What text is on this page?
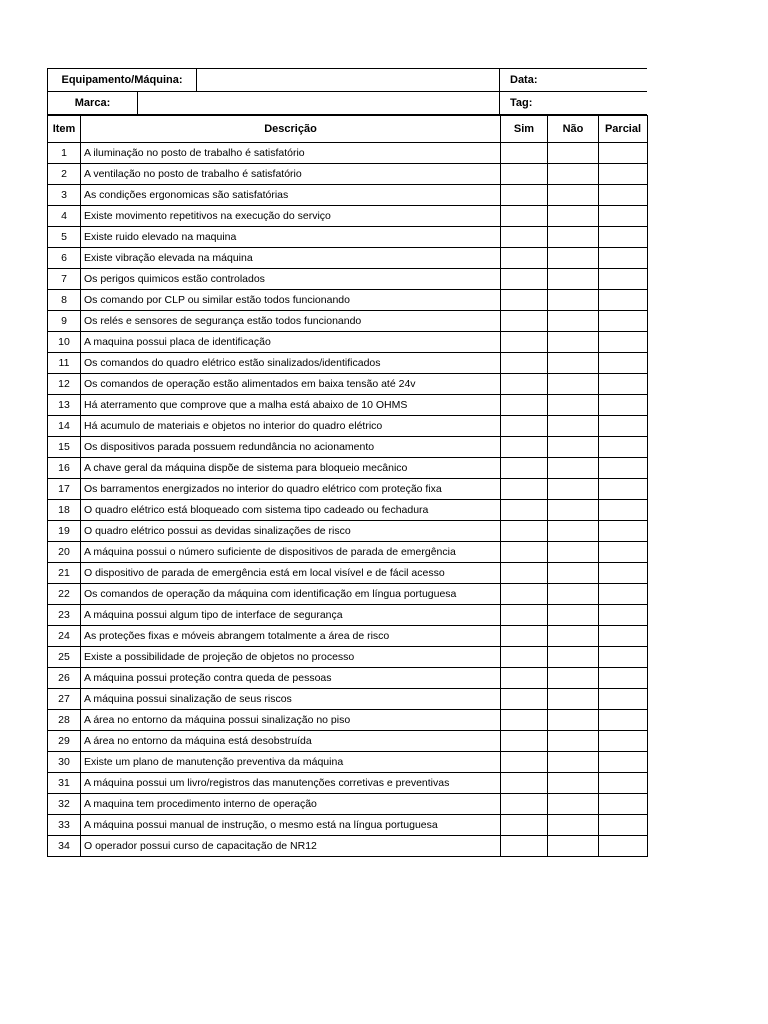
Equipamento/Máquina:	Data:
Marca:	Tag:
Item	Descrição	Sim	Não	Parcial
1	A iluminação no posto de trabalho é satisfatório			
2	A ventilação no posto de trabalho é satisfatório			
3	As condições ergonomicas são satisfatórias			
4	Existe movimento repetitivos na execução do serviço			
5	Existe ruido elevado na maquina			
6	Existe vibração elevada na máquina			
7	Os perigos quimicos estão controlados			
8	Os comando por CLP ou similar estão todos funcionando			
9	Os relés e sensores de segurança estão todos funcionando			
10	A maquina possui placa de identificação			
11	Os comandos do quadro elétrico estão sinalizados/identificados			
12	Os comandos de operação estão alimentados em baixa tensão até 24v			
13	Há aterramento que comprove que a malha está abaixo de 10 OHMS			
14	Há acumulo de materiais e objetos no interior do quadro elétrico			
15	Os dispositivos parada possuem redundância no acionamento			
16	A chave geral da máquina dispõe de sistema para bloqueio mecânico			
17	Os barramentos energizados no interior do quadro elétrico com proteção fixa			
18	O quadro elétrico está bloqueado com sistema tipo cadeado ou fechadura			
19	O quadro elétrico possui as devidas sinalizações de risco			
20	A máquina possui o número suficiente de dispositivos de parada de emergência			
21	O dispositivo de parada de emergência está em local visível e de fácil acesso			
22	Os comandos de operação da máquina com identificação em língua portuguesa			
23	A máquina possui algum tipo de interface de segurança			
24	As proteções fixas e móveis abrangem totalmente a área de risco			
25	Existe a possibilidade de projeção de objetos no processo			
26	A máquina possui proteção contra queda de pessoas			
27	A máquina possui sinalização de seus riscos			
28	A área no entorno da máquina possui sinalização no piso			
29	A área no entorno da máquina está desobstruída			
30	Existe um plano de manutenção preventiva da máquina			
31	A máquina possui um livro/registros das manutenções corretivas e preventivas			
32	A maquina tem procedimento interno de operação			
33	A máquina possui manual de instrução, o mesmo está na língua portuguesa			
34	O operador possui curso de capacitação de NR12			
